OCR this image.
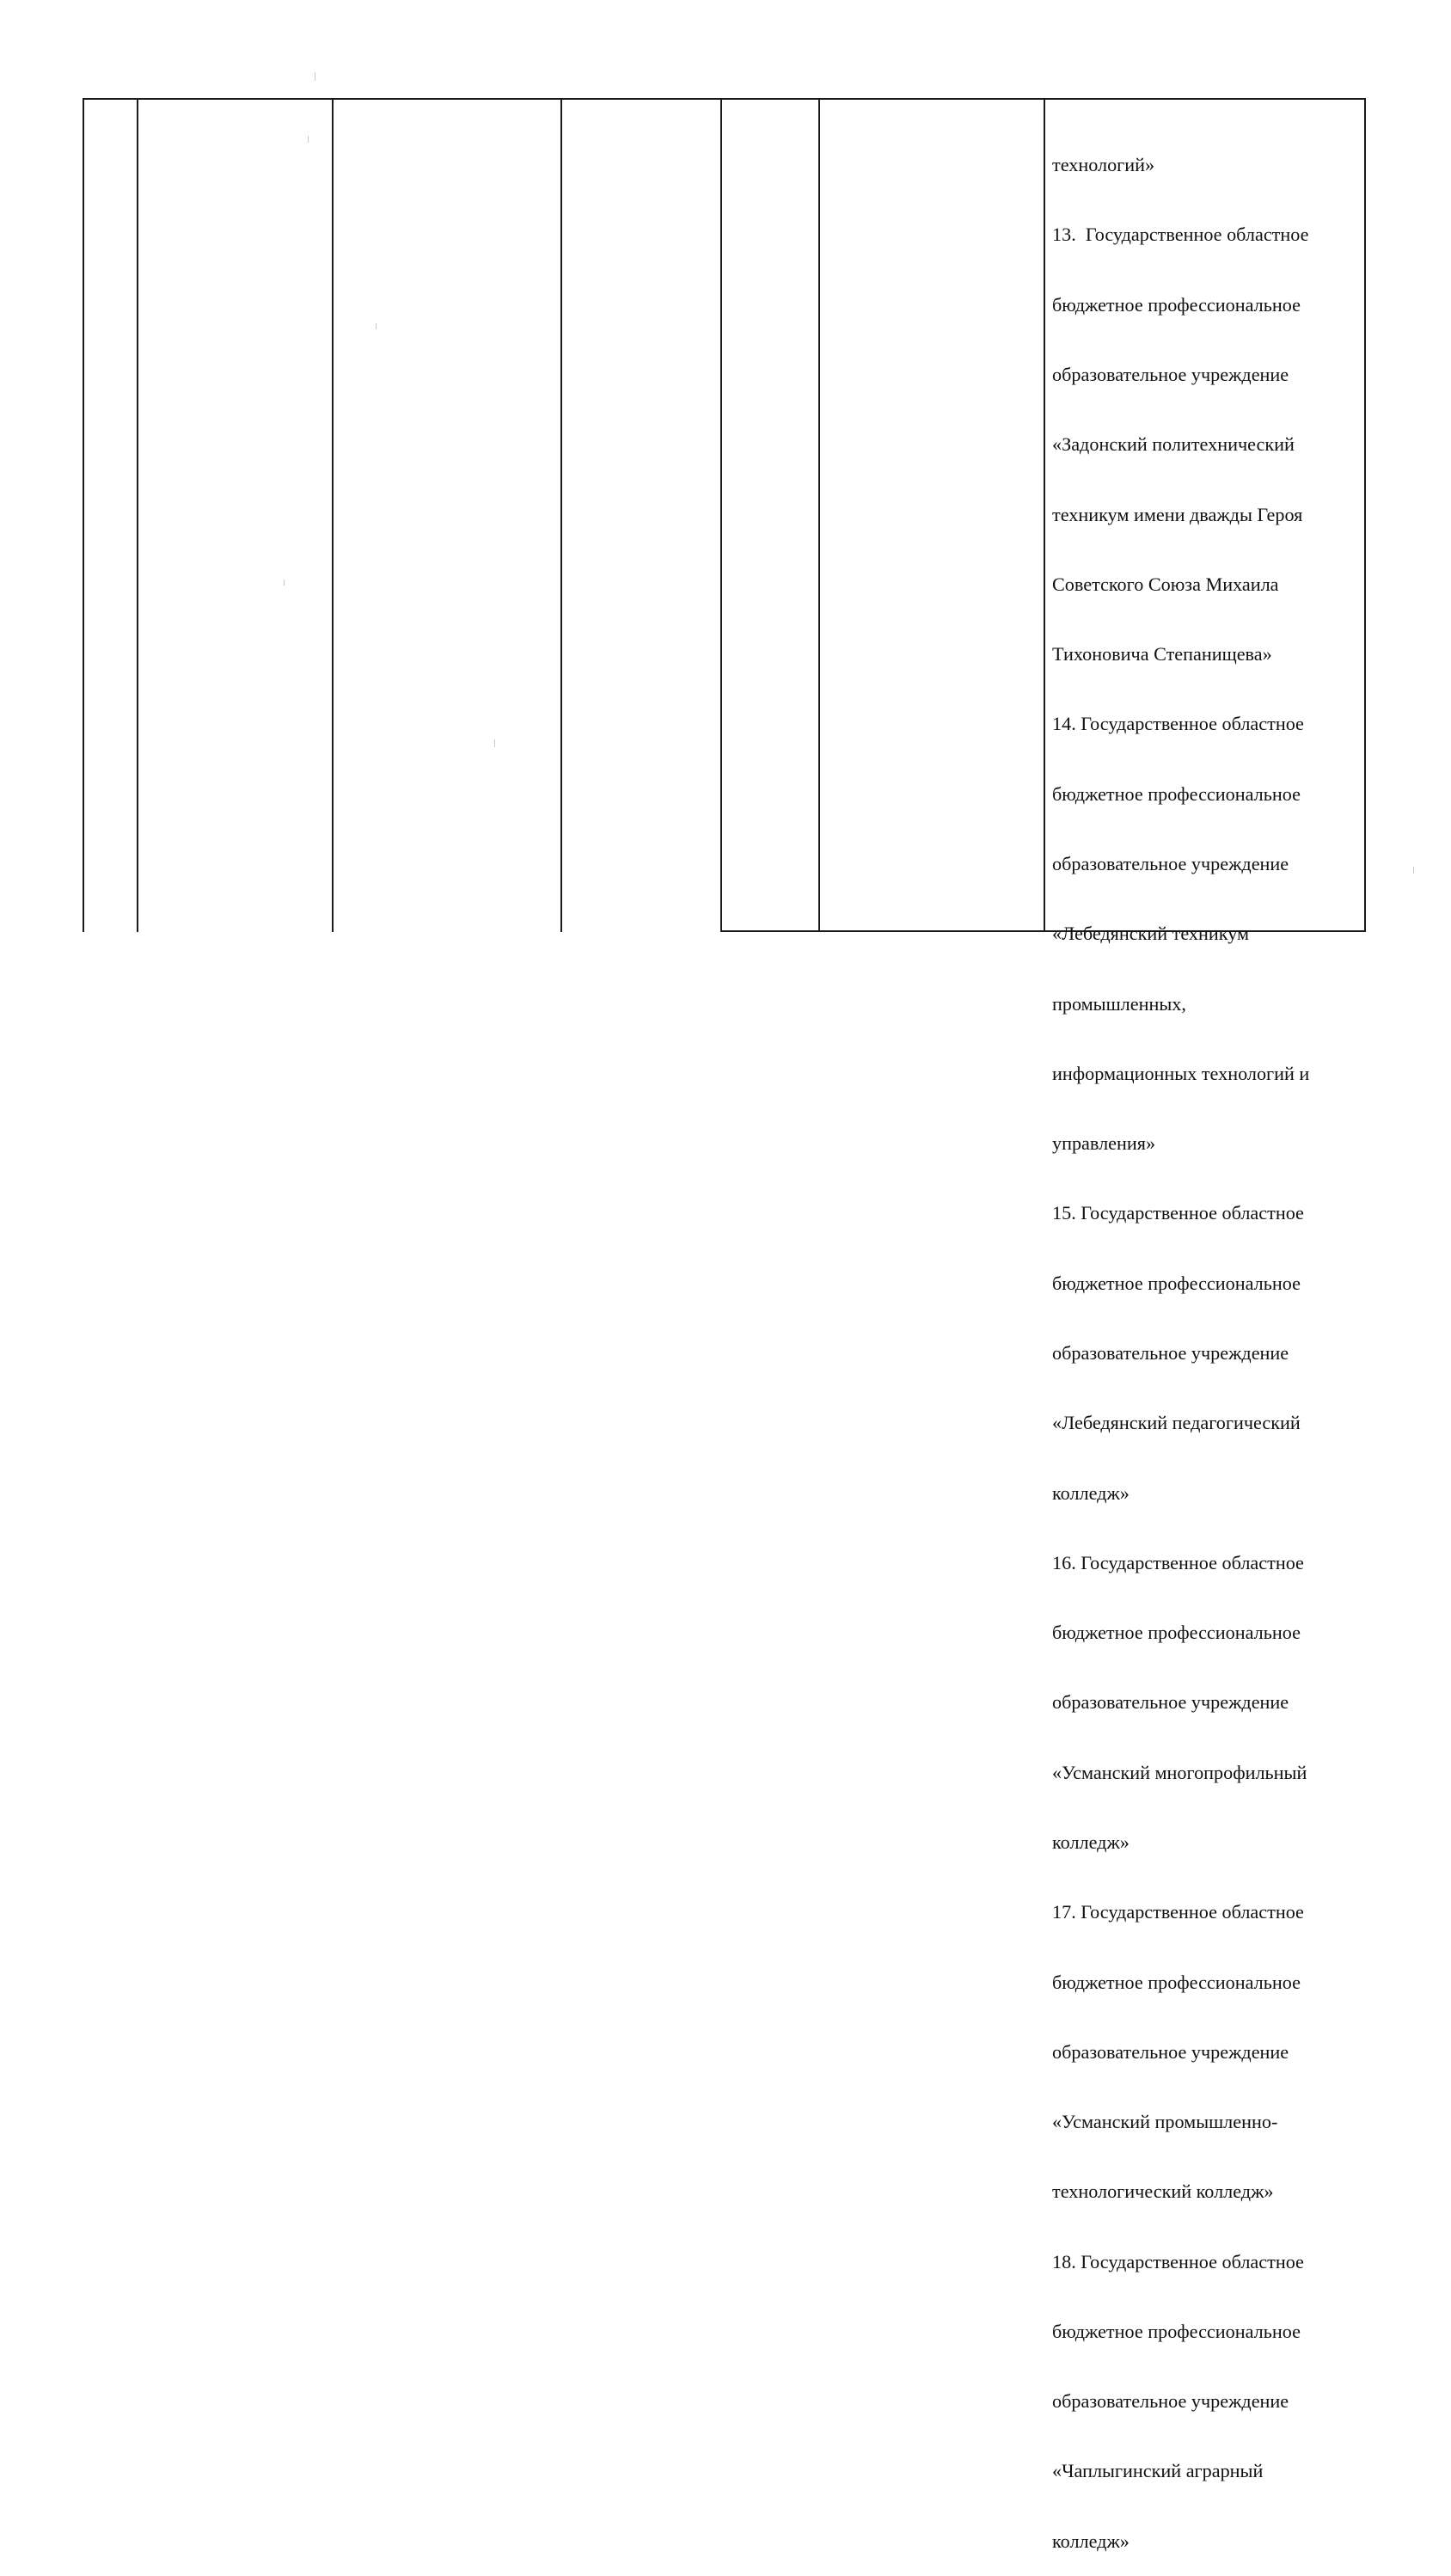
технологий»

13.  Государственное областное

бюджетное профессиональное

образовательное учреждение

«Задонский политехнический

техникум имени дважды Героя

Советского Союза Михаила

Тихоновича Степанищева»

14. Государственное областное

бюджетное профессиональное

образовательное учреждение

«Лебедянский техникум

промышленных,

информационных технологий и

управления»

15. Государственное областное

бюджетное профессиональное

образовательное учреждение

«Лебедянский педагогический

колледж»

16. Государственное областное

бюджетное профессиональное

образовательное учреждение

«Усманский многопрофильный

колледж»

17. Государственное областное

бюджетное профессиональное

образовательное учреждение

«Усманский промышленно-

технологический колледж»

18. Государственное областное

бюджетное профессиональное

образовательное учреждение

«Чаплыгинский аграрный

колледж»
